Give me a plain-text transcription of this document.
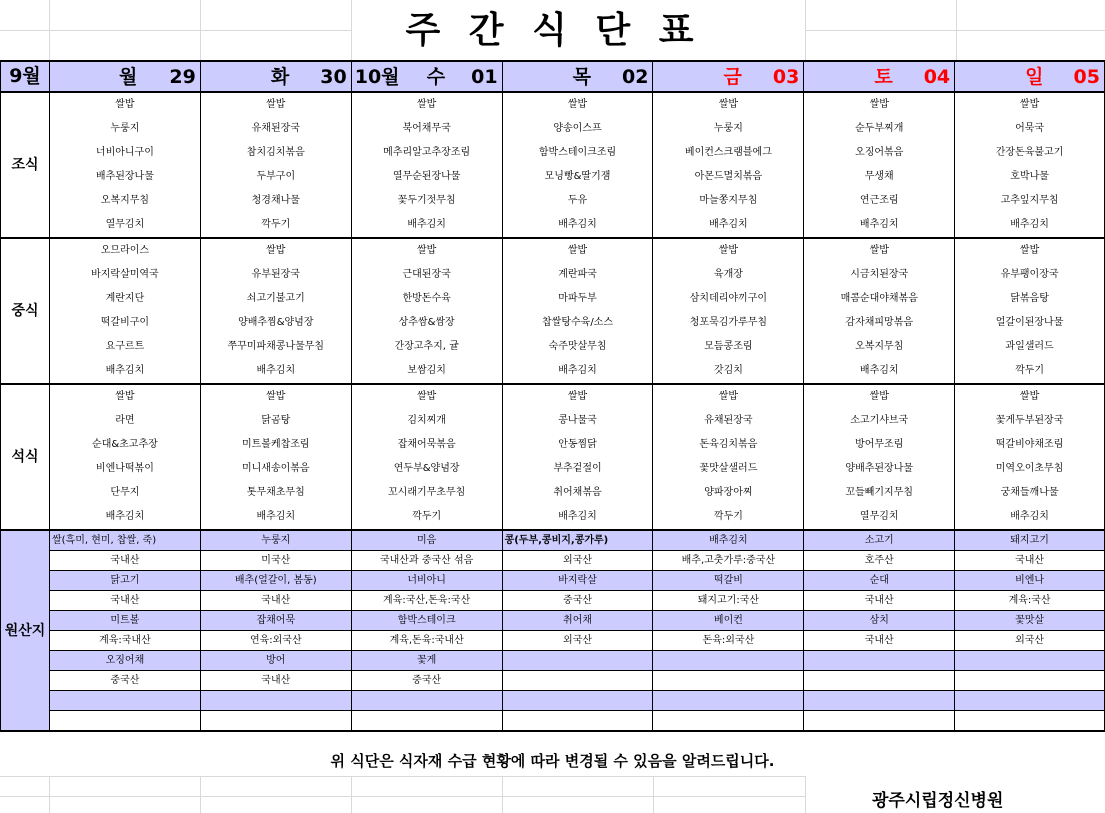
주 간 식 단 표
9월	월 29	화 30	10월 수 01	목 02	금 03	토 04	일 05

조식	쌀밥	쌀밥	쌀밥	쌀밥	쌀밥	쌀밥	쌀밥
	누룽지	유채된장국	북어채무국	양송이스프	누룽지	순두부찌개	어묵국
	너비아니구이	참치김치볶음	메추리알고추장조림	함박스테이크조림	베이컨스크램블에그	오징어볶음	간장돈육불고기
	배추된장나물	두부구이	열무순된장나물	모닝빵&딸기잼	아몬드멸치볶음	무생채	호박나물
	오복지무침	청경채나물	꽃두기젓무침	두유	마늘쫑지무침	연근조림	고추잎지무침
	열무김치	깍두기	배추김치	배추김치	배추김치	배추김치	배추김치
중식	오므라이스	쌀밥	쌀밥	쌀밥	쌀밥	쌀밥	쌀밥
	바지락살미역국	유부된장국	근대된장국	계란파국	육개장	시금치된장국	유부팽이장국
	계란지단	쇠고기불고기	한방돈수육	마파두부	삼치데리야끼구이	매콤순대야채볶음	닭볶음탕
	떡갈비구이	양배추찜&양념장	상추쌈&쌈장	찹쌀탕수육/소스	청포묵김가루무침	감자채피망볶음	얼갈이된장나물
	요구르트	쭈꾸미파채콩나물무침	간장고추지, 귤	숙주맛살무침	모듬콩조림	오복지무침	과일샐러드
	배추김치	배추김치	보쌈김치	배추김치	갓김치	배추김치	깍두기
석식	쌀밥	쌀밥	쌀밥	쌀밥	쌀밥	쌀밥	쌀밥
	라면	닭곰탕	김치찌개	콩나물국	유채된장국	소고기샤브국	꽃게두부된장국
	순대&초고추장	미트볼케찹조림	잡채어묵볶음	안동찜닭	돈육김치볶음	방어무조림	떡갈비야채조림
	비엔나떡볶이	미니새송이볶음	연두부&양념장	부추겉절이	꽃맛살샐러드	양배추된장나물	미역오이초무침
	단무지	톳무채초무침	꼬시래기무초무침	취어채볶음	양파장아찌	꼬들빼기지무침	궁채들깨나물
	배추김치	배추김치	깍두기	배추김치	깍두기	열무김치	배추김치
원산지	쌀(흑미, 현미, 찹쌀, 죽)	누룽지	미음	콩(두부,콩비지,콩가루)	배추김치	소고기	돼지고기
	국내산	미국산	국내산과 중국산 섞음	외국산	배추,고춧가루:중국산	호주산	국내산
	닭고기	배추(얼갈이, 봄동)	너비아니	바지락살	떡갈비	순대	비엔나
	국내산	국내산	계육:국산,돈육:국산	중국산	돼지고기:국산	국내산	계육:국산
	미트볼	잡채어묵	함박스테이크	취어채	베이컨	삼치	꽃맛살
	계육:국내산	연육:외국산	계육,돈육:국내산	외국산	돈육:외국산	국내산	외국산
	오징어채	방어	꽃게				
	중국산	국내산	중국산				

위 식단은 식자재 수급 현황에 따라 변경될 수 있음을 알려드립니다.
광주시립정신병원
